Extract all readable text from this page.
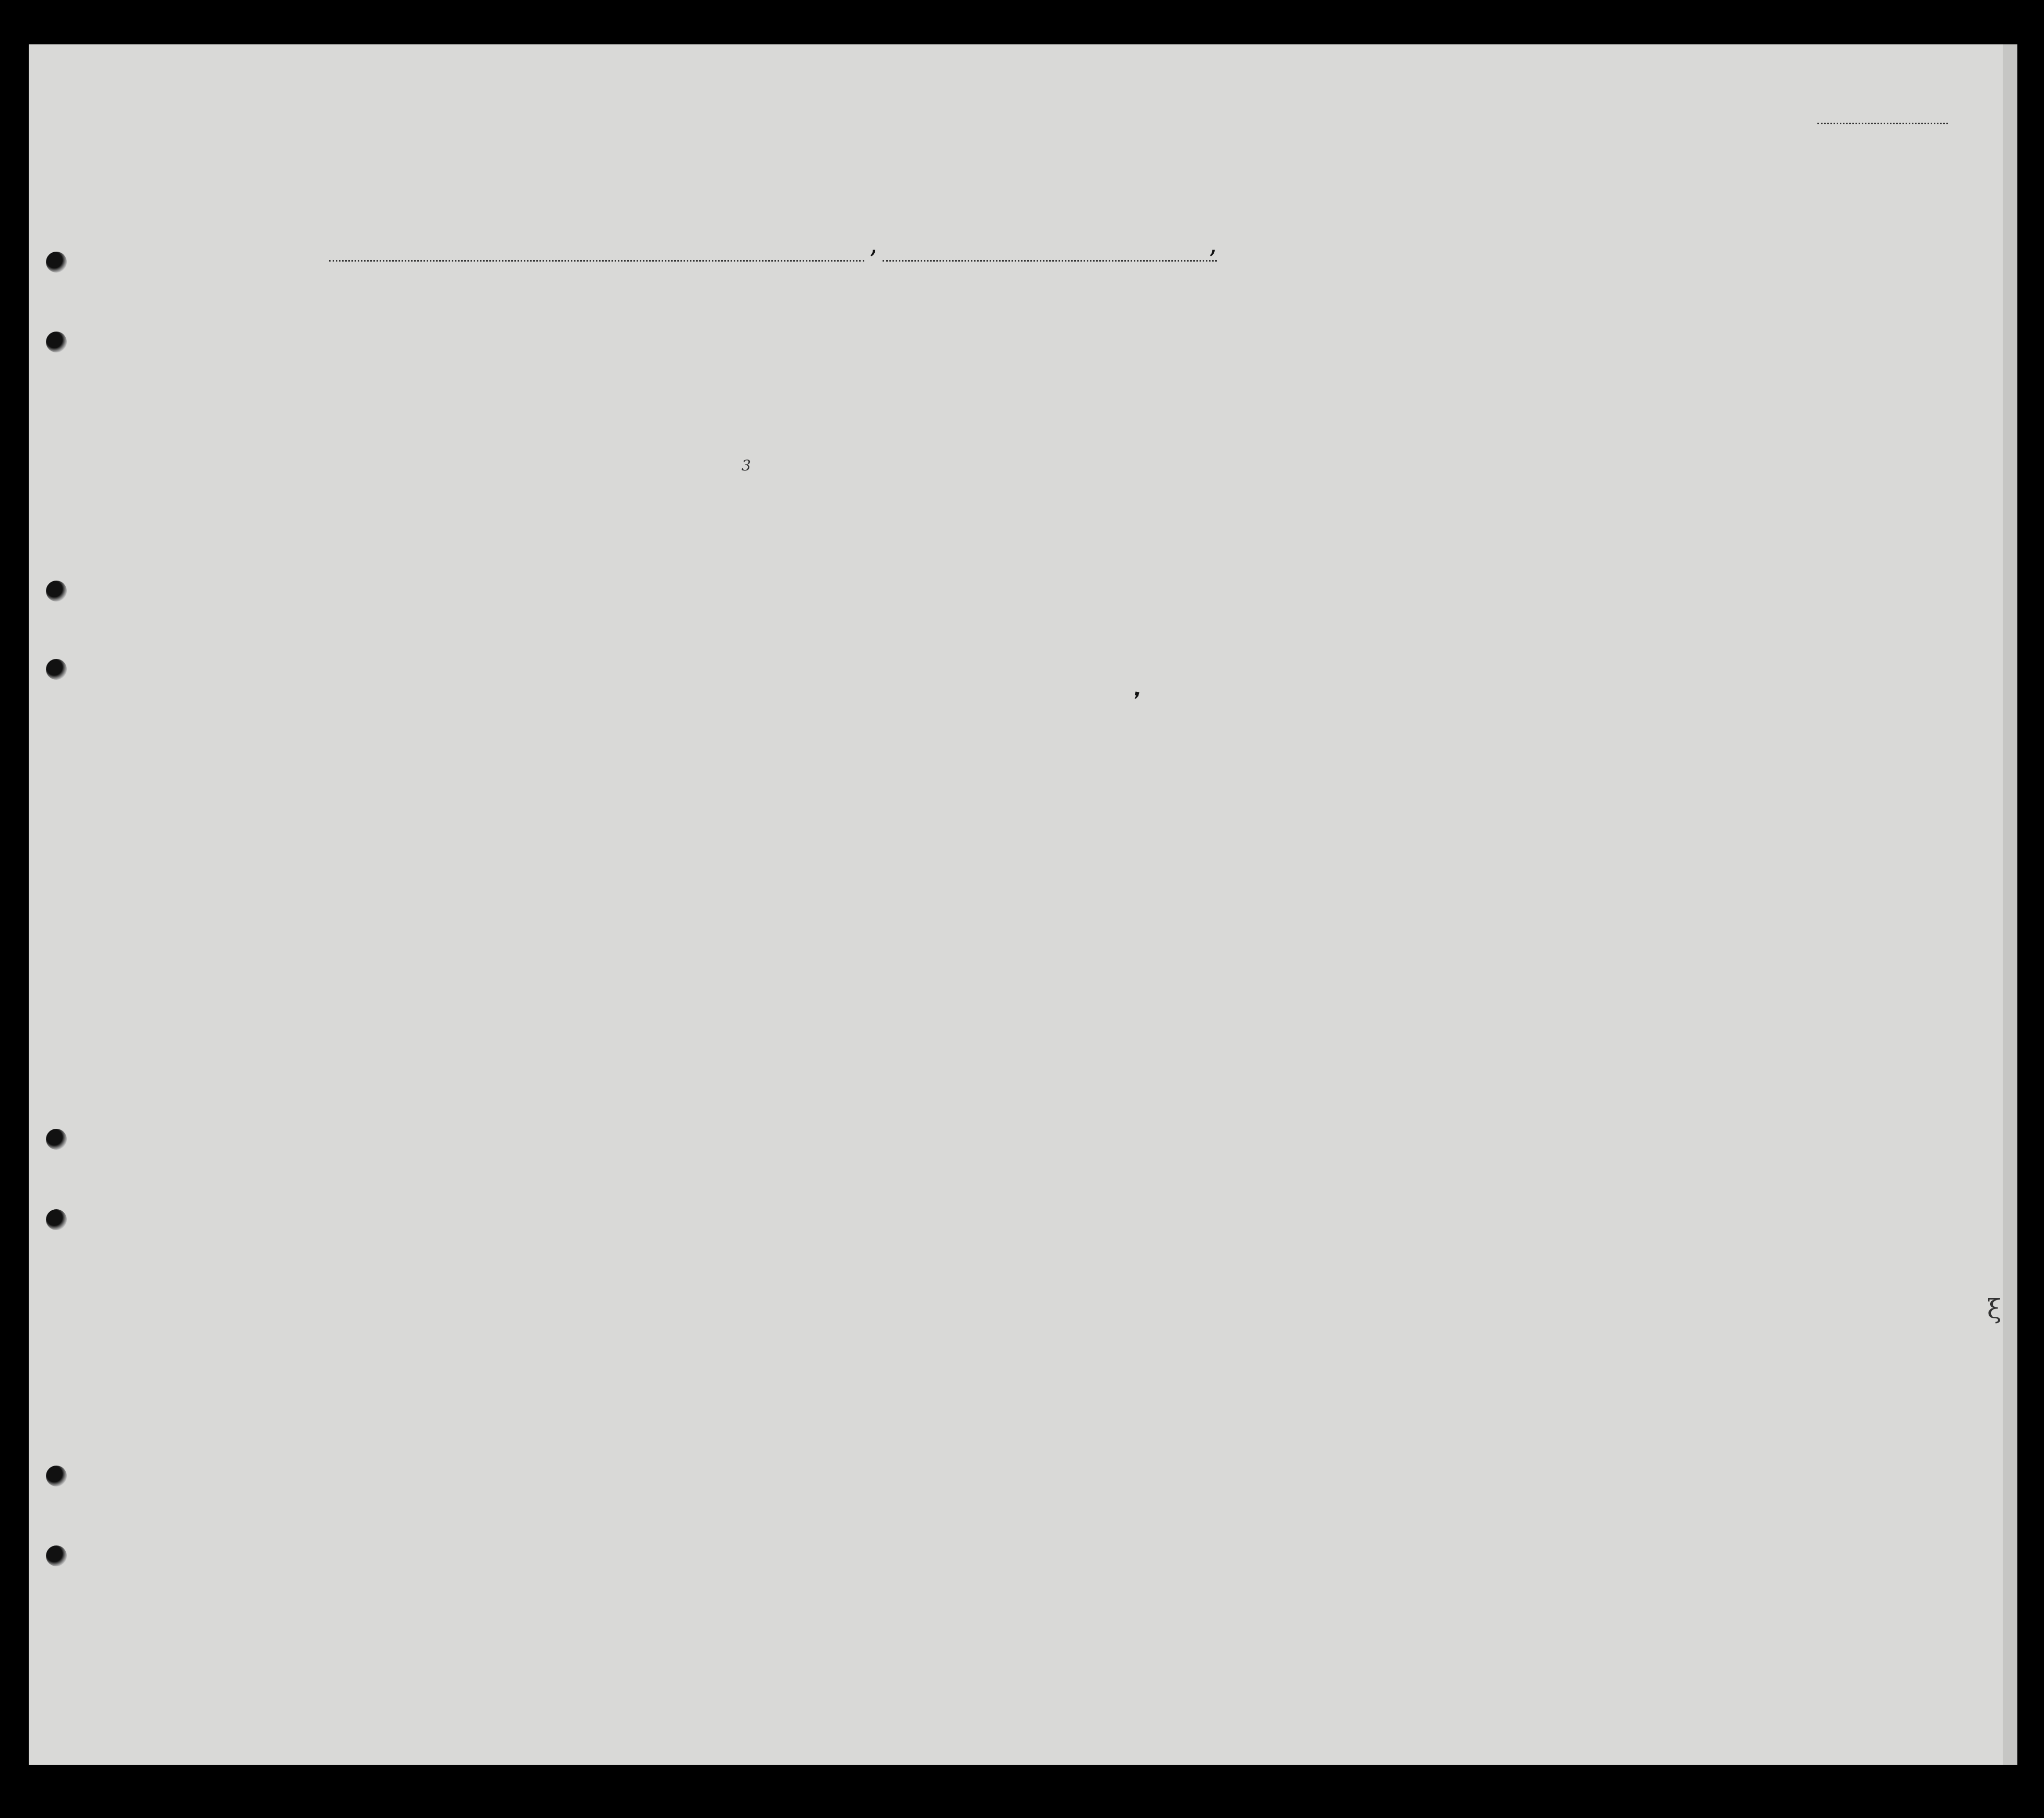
,	,
3
❜
ξ
